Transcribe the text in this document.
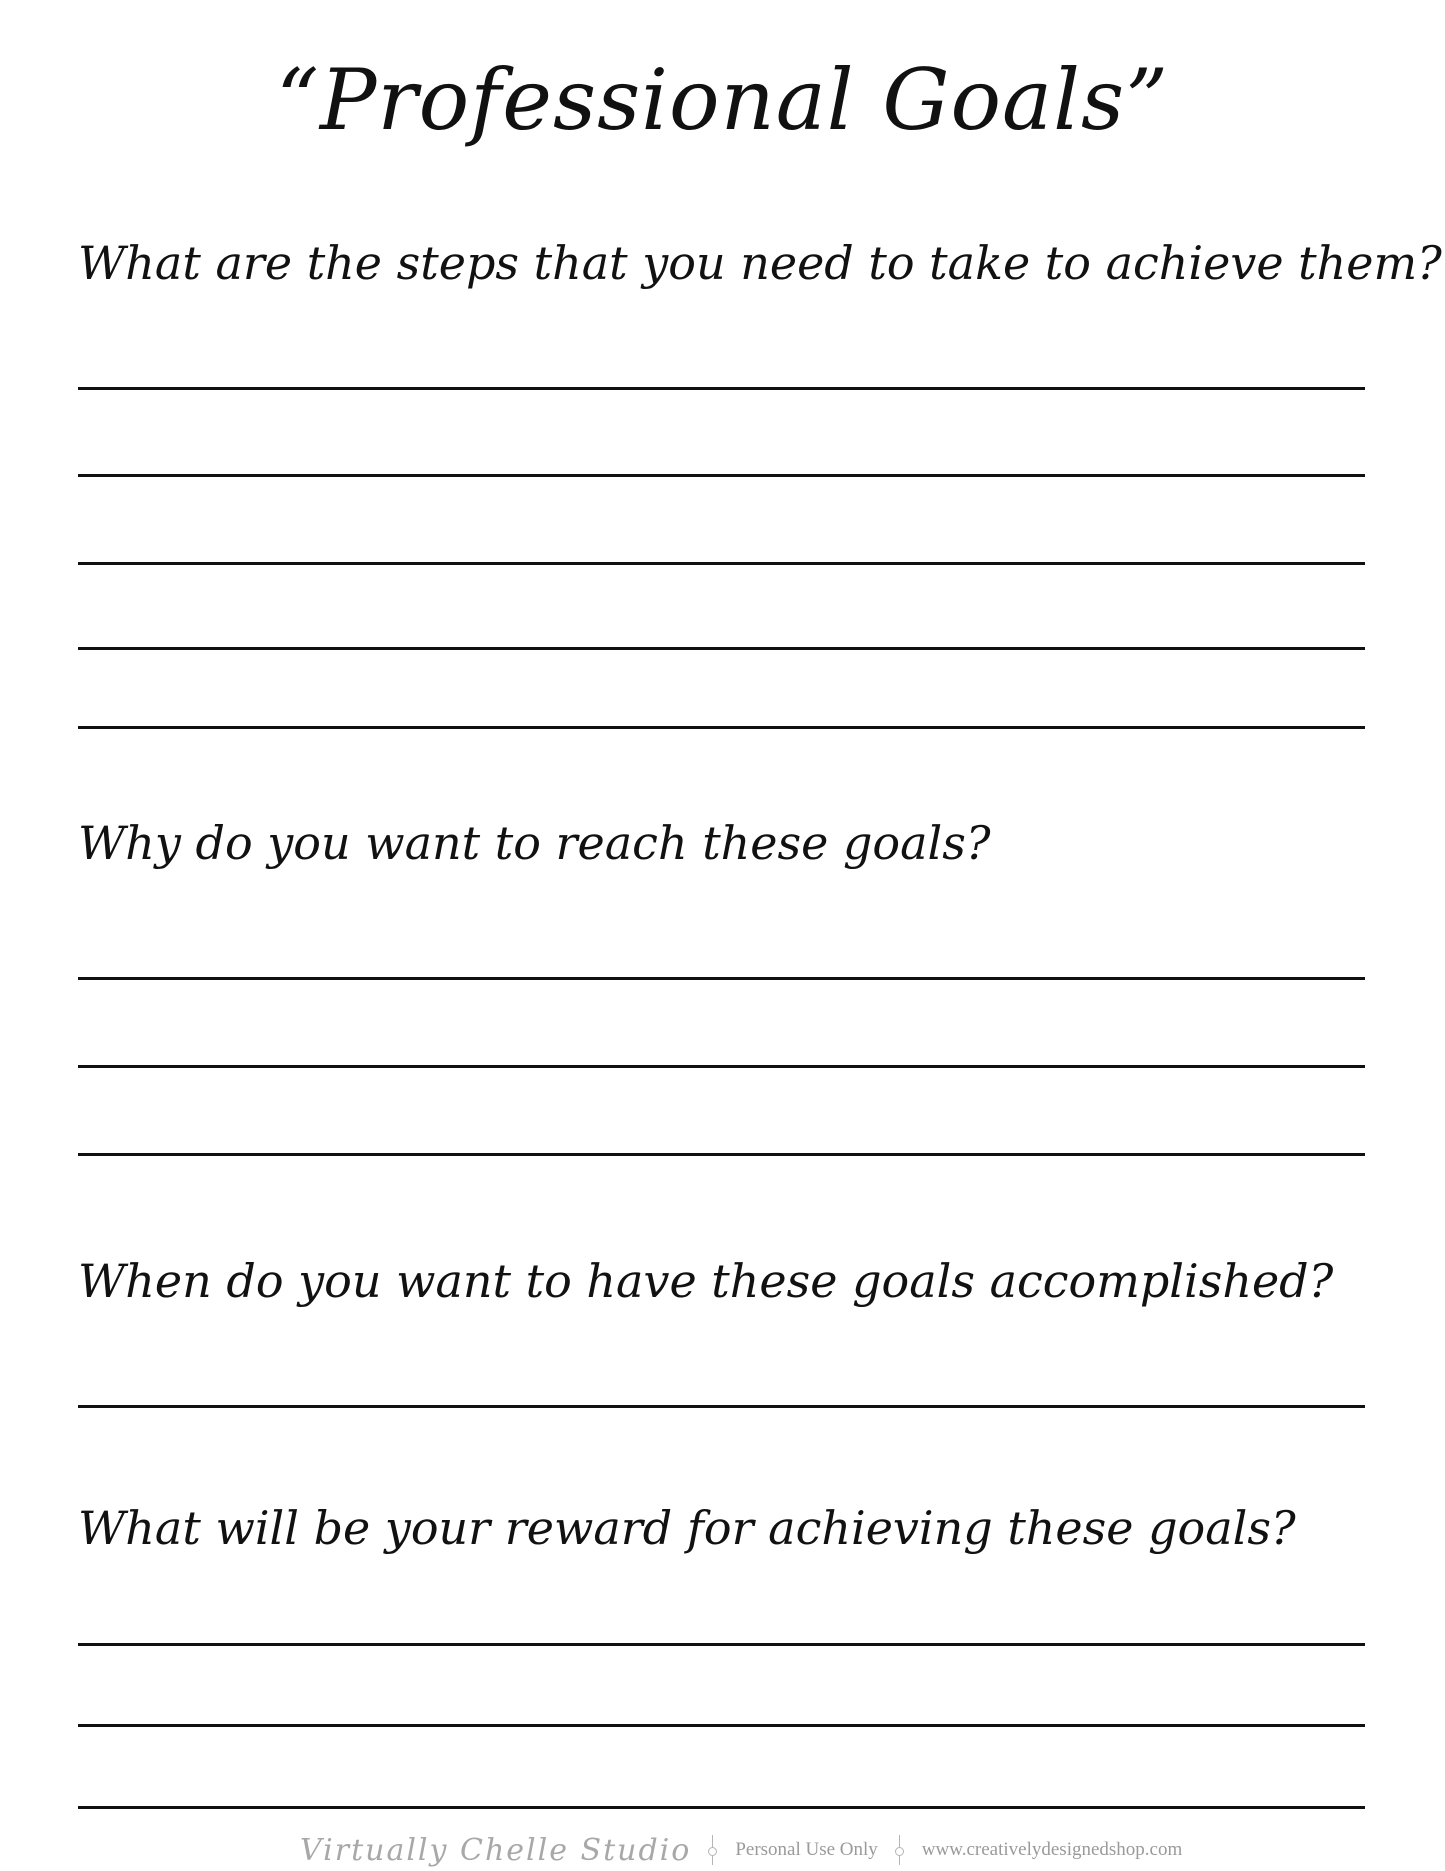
“Professional Goals”

What are the steps that you need to take to achieve them?

Why do you want to reach these goals?

When do you want to have these goals accomplished?

What will be your reward for achieving these goals?

Virtually Chelle Studio Personal Use Only www.creativelydesignedshop.com
